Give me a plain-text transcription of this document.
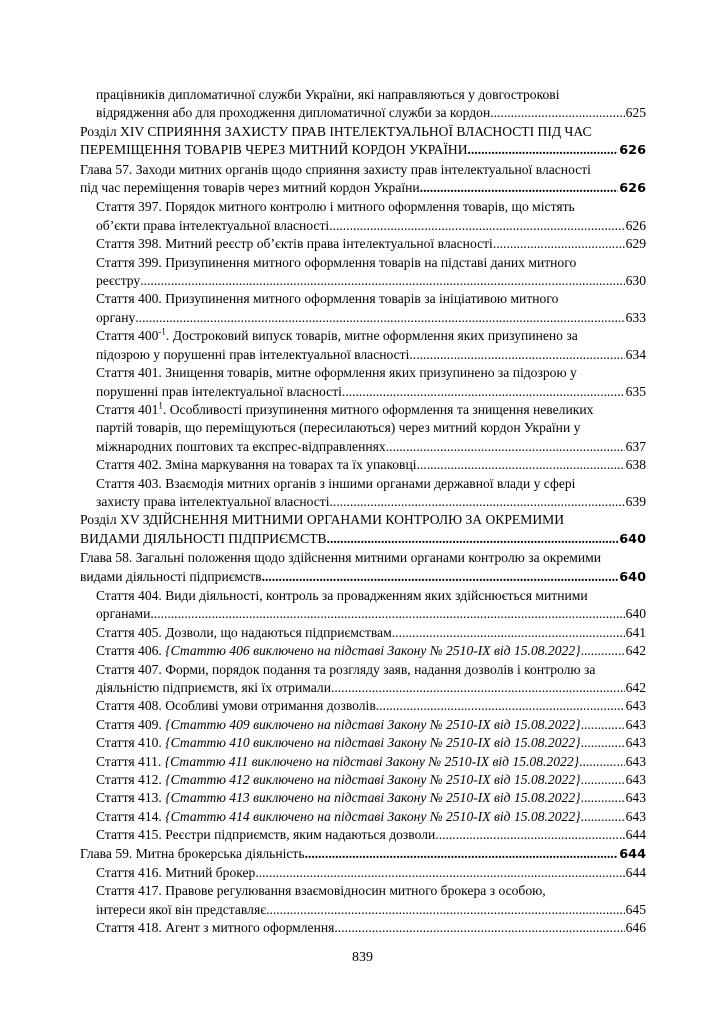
працівників дипломатичної служби України, які направляються у довгострокові
відрядження або для проходження дипломатичної служби за кордон .....	625
Розділ XIV СПРИЯННЯ ЗАХИСТУ ПРАВ ІНТЕЛЕКТУАЛЬНОЇ ВЛАСНОСТІ ПІД ЧАС
ПЕРЕМІЩЕННЯ ТОВАРІВ ЧЕРЕЗ МИТНИЙ КОРДОН УКРАЇНИ .....	626
Глава 57. Заходи митних органів щодо сприяння захисту прав інтелектуальної власності
під час переміщення товарів через митний кордон України .....	626
Стаття 397. Порядок митного контролю і митного оформлення товарів, що містять
об’єкти права інтелектуальної власності .....	626
Стаття 398. Митний реєстр об’єктів права інтелектуальної власності .....	629
Стаття 399. Призупинення митного оформлення товарів на підставі даних митного
реєстру .....	630
Стаття 400. Призупинення митного оформлення товарів за ініціативою митного
органу .....	633
Стаття $400^{-1}$. Достроковий випуск товарів, митне оформлення яких призупинено за
підозрою у порушенні прав інтелектуальної власності .....	634
Стаття 401. Знищення товарів, митне оформлення яких призупинено за підозрою у
порушенні прав інтелектуальної власності .....	635
Стаття $401^1$. Особливості призупинення митного оформлення та знищення невеликих
партій товарів, що переміщуються (пересилаються) через митний кордон України у
міжнародних поштових та експрес-відправленнях .....	637
Стаття 402. Зміна маркування на товарах та їх упаковці .....	638
Стаття 403. Взаємодія митних органів з іншими органами державної влади у сфері
захисту права інтелектуальної власності .....	639
Розділ XV ЗДІЙСНЕННЯ МИТНИМИ ОРГАНАМИ КОНТРОЛЮ ЗА ОКРЕМИМИ
ВИДАМИ ДІЯЛЬНОСТІ ПІДПРИЄМСТВ .....	640
Глава 58. Загальні положення щодо здійснення митними органами контролю за окремими
видами діяльності підприємств .....	640
Стаття 404. Види діяльності, контроль за провадженням яких здійснюється митними
органами .....	640
Стаття 405. Дозволи, що надаються підприємствам .....	641
Стаття 406. {Статтю 406 виключено на підставі Закону № 2510-IX від 15.08.2022} .....	642
Стаття 407. Форми, порядок подання та розгляду заяв, надання дозволів і контролю за
діяльністю підприємств, які їх отримали .....	642
Стаття 408. Особливі умови отримання дозволів .....	643
Стаття 409. {Статтю 409 виключено на підставі Закону № 2510-IX від 15.08.2022} .....	643
Стаття 410. {Статтю 410 виключено на підставі Закону № 2510-IX від 15.08.2022} .....	643
Стаття 411. {Статтю 411 виключено на підставі Закону № 2510-IX від 15.08.2022} .....	643
Стаття 412. {Статтю 412 виключено на підставі Закону № 2510-IX від 15.08.2022} .....	643
Стаття 413. {Статтю 413 виключено на підставі Закону № 2510-IX від 15.08.2022} .....	643
Стаття 414. {Статтю 414 виключено на підставі Закону № 2510-IX від 15.08.2022} .....	643
Стаття 415. Реєстри підприємств, яким надаються дозволи .....	644
Глава 59. Митна брокерська діяльність .....	644
Стаття 416. Митний брокер .....	644
Стаття 417. Правове регулювання взаємовідносин митного брокера з особою,
інтереси якої він представляє .....	645
Стаття 418. Агент з митного оформлення .....	646
839
